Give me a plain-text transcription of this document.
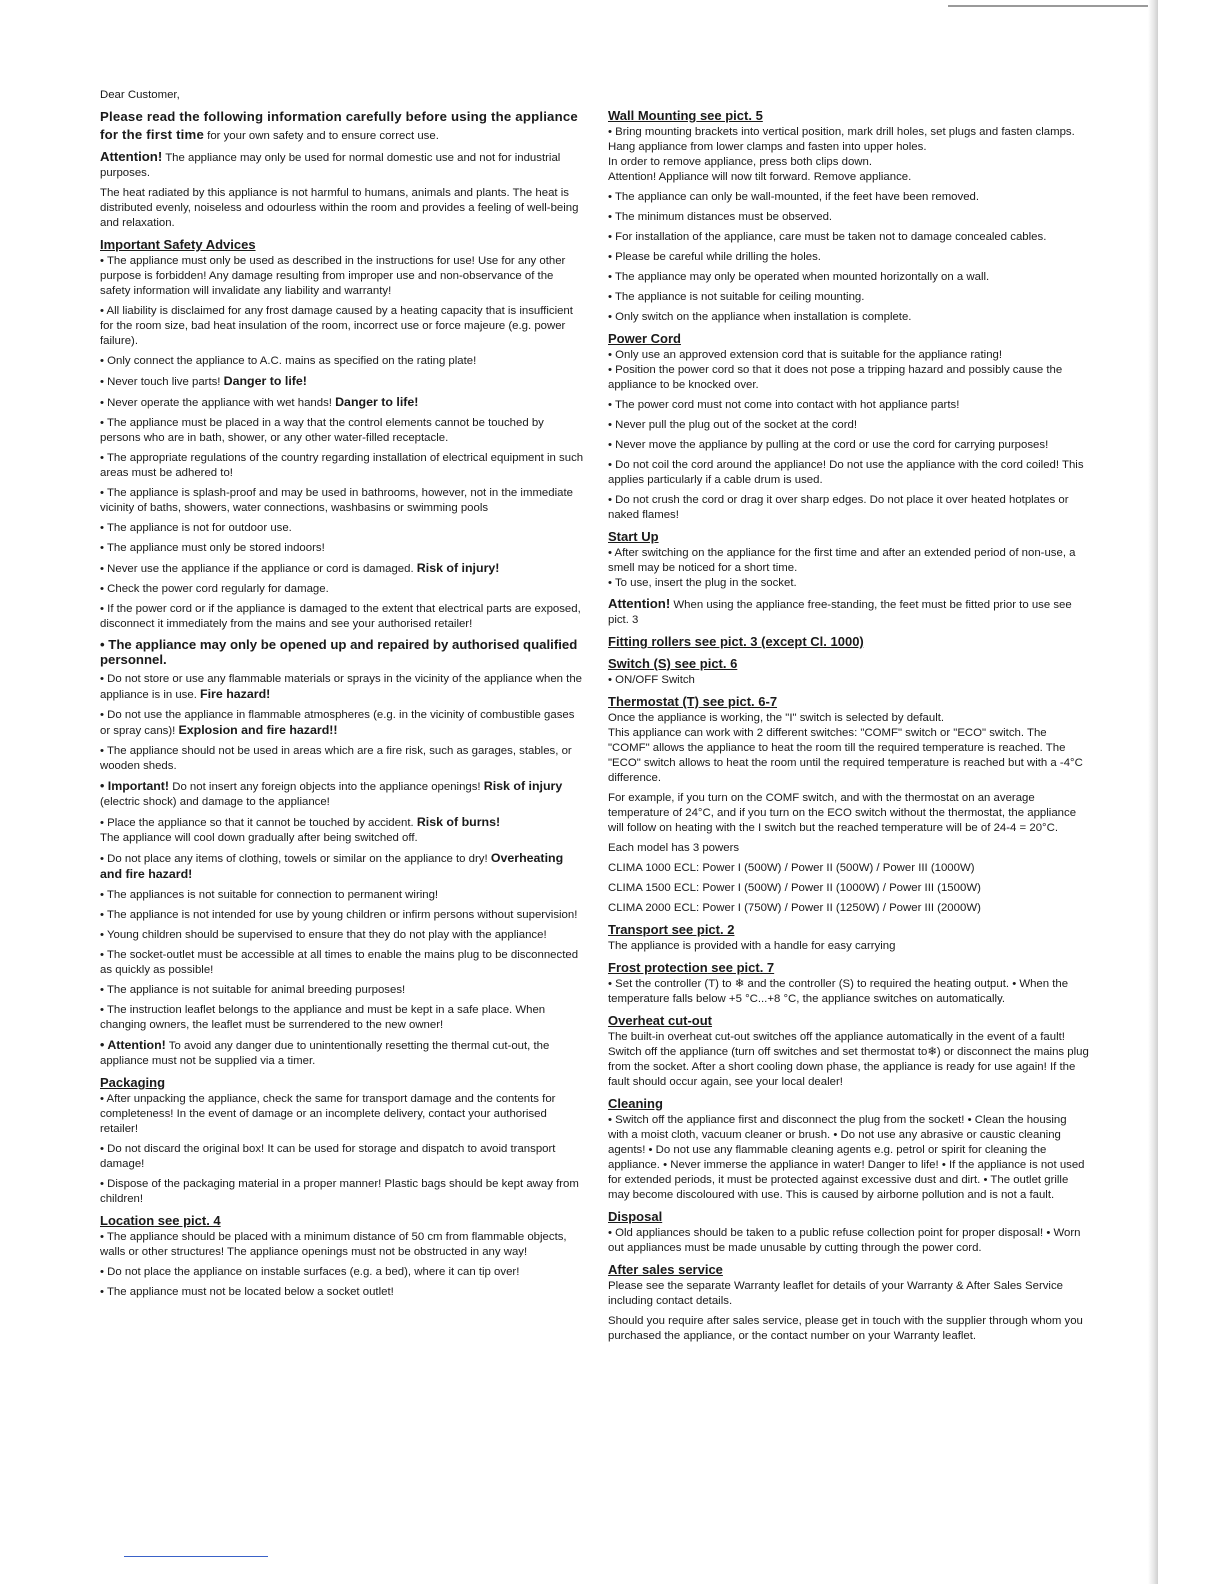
Dear Customer,

Please read the following information carefully before using the appliance for the first time for your own safety and to ensure correct use.

Attention! The appliance may only be used for normal domestic use and not for industrial purposes.

The heat radiated by this appliance is not harmful to humans, animals and plants. The heat is distributed evenly, noiseless and odourless within the room and provides a feeling of well-being and relaxation.

Important Safety Advices

• The appliance must only be used as described in the instructions for use! Use for any other purpose is forbidden! Any damage resulting from improper use and non-observance of the safety information will invalidate any liability and warranty!

• All liability is disclaimed for any frost damage caused by a heating capacity that is insufficient for the room size, bad heat insulation of the room, incorrect use or force majeure (e.g. power failure).

• Only connect the appliance to A.C. mains as specified on the rating plate!

• Never touch live parts! Danger to life!

• Never operate the appliance with wet hands! Danger to life!

• The appliance must be placed in a way that the control elements cannot be touched by persons who are in bath, shower, or any other water-filled receptacle.

• The appropriate regulations of the country regarding installation of electrical equipment in such areas must be adhered to!

• The appliance is splash-proof and may be used in bathrooms, however, not in the immediate vicinity of baths, showers, water connections, washbasins or swimming pools

• The appliance is not for outdoor use.

• The appliance must only be stored indoors!

• Never use the appliance if the appliance or cord is damaged. Risk of injury!

• Check the power cord regularly for damage.

• If the power cord or if the appliance is damaged to the extent that electrical parts are exposed, disconnect it immediately from the mains and see your authorised retailer!

• The appliance may only be opened up and repaired by authorised qualified personnel.

• Do not store or use any flammable materials or sprays in the vicinity of the appliance when the appliance is in use. Fire hazard!

• Do not use the appliance in flammable atmospheres (e.g. in the vicinity of combustible gases or spray cans)! Explosion and fire hazard!!

• The appliance should not be used in areas which are a fire risk, such as garages, stables, or wooden sheds.

• Important! Do not insert any foreign objects into the appliance openings! Risk of injury (electric shock) and damage to the appliance!

• Place the appliance so that it cannot be touched by accident. Risk of burns!

The appliance will cool down gradually after being switched off.

• Do not place any items of clothing, towels or similar on the appliance to dry! Overheating and fire hazard!

• The appliances is not suitable for connection to permanent wiring!

• The appliance is not intended for use by young children or infirm persons without supervision!

• Young children should be supervised to ensure that they do not play with the appliance!

• The socket-outlet must be accessible at all times to enable the mains plug to be disconnected as quickly as possible!

• The appliance is not suitable for animal breeding purposes!

• The instruction leaflet belongs to the appliance and must be kept in a safe place. When changing owners, the leaflet must be surrendered to the new owner!

• Attention! To avoid any danger due to unintentionally resetting the thermal cut-out, the appliance must not be supplied via a timer.

Packaging

• After unpacking the appliance, check the same for transport damage and the contents for completeness! In the event of damage or an incomplete delivery, contact your authorised retailer!

• Do not discard the original box! It can be used for storage and dispatch to avoid transport damage!

• Dispose of the packaging material in a proper manner! Plastic bags should be kept away from children!

Location see pict. 4

• The appliance should be placed with a minimum distance of 50 cm from flammable objects, walls or other structures! The appliance openings must not be obstructed in any way!

• Do not place the appliance on instable surfaces (e.g. a bed), where it can tip over!

• The appliance must not be located below a socket outlet!

Wall Mounting see pict. 5

• Bring mounting brackets into vertical position, mark drill holes, set plugs and fasten clamps. Hang appliance from lower clamps and fasten into upper holes.

In order to remove appliance, press both clips down.

Attention! Appliance will now tilt forward. Remove appliance.

• The appliance can only be wall-mounted, if the feet have been removed.

• The minimum distances must be observed.

• For installation of the appliance, care must be taken not to damage concealed cables.

• Please be careful while drilling the holes.

• The appliance may only be operated when mounted horizontally on a wall.

• The appliance is not suitable for ceiling mounting.

• Only switch on the appliance when installation is complete.

Power Cord

• Only use an approved extension cord that is suitable for the appliance rating!

• Position the power cord so that it does not pose a tripping hazard and possibly cause the appliance to be knocked over.

• The power cord must not come into contact with hot appliance parts!

• Never pull the plug out of the socket at the cord!

• Never move the appliance by pulling at the cord or use the cord for carrying purposes!

• Do not coil the cord around the appliance! Do not use the appliance with the cord coiled! This applies particularly if a cable drum is used.

• Do not crush the cord or drag it over sharp edges. Do not place it over heated hotplates or naked flames!

Start Up

• After switching on the appliance for the first time and after an extended period of non-use, a smell may be noticed for a short time.

• To use, insert the plug in the socket.

Attention! When using the appliance free-standing, the feet must be fitted prior to use see pict. 3

Fitting rollers see pict. 3 (except Cl. 1000)
Switch (S) see pict. 6

• ON/OFF Switch

Thermostat (T) see pict. 6-7

Once the appliance is working, the "I" switch is selected by default.

This appliance can work with 2 different switches: "COMF" switch or "ECO" switch. The "COMF" allows the appliance to heat the room till the required temperature is reached. The "ECO" switch allows to heat the room until the required temperature is reached but with a -4°C difference.

For example, if you turn on the COMF switch, and with the thermostat on an average temperature of 24°C, and if you turn on the ECO switch without the thermostat, the appliance will follow on heating with the I switch but the reached temperature will be of 24-4 = 20°C.

Each model has 3 powers

CLIMA 1000 ECL: Power I (500W) / Power II (500W) / Power III (1000W)

CLIMA 1500 ECL: Power I (500W) / Power II (1000W) / Power III (1500W)

CLIMA 2000 ECL: Power I (750W) / Power II (1250W) / Power III (2000W)

Transport see pict. 2

The appliance is provided with a handle for easy carrying

Frost protection see pict. 7

• Set the controller (T) to ❄ and the controller (S) to required the heating output. • When the temperature falls below +5 °C...+8 °C, the appliance switches on automatically.

Overheat cut-out

The built-in overheat cut-out switches off the appliance automatically in the event of a fault! Switch off the appliance (turn off switches and set thermostat to❄) or disconnect the mains plug from the socket. After a short cooling down phase, the appliance is ready for use again! If the fault should occur again, see your local dealer!

Cleaning

• Switch off the appliance first and disconnect the plug from the socket! • Clean the housing with a moist cloth, vacuum cleaner or brush. • Do not use any abrasive or caustic cleaning agents! • Do not use any flammable cleaning agents e.g. petrol or spirit for cleaning the appliance. • Never immerse the appliance in water! Danger to life! • If the appliance is not used for extended periods, it must be protected against excessive dust and dirt. • The outlet grille may become discoloured with use. This is caused by airborne pollution and is not a fault.

Disposal

• Old appliances should be taken to a public refuse collection point for proper disposal! • Worn out appliances must be made unusable by cutting through the power cord.

After sales service

Please see the separate Warranty leaflet for details of your Warranty & After Sales Service including contact details.

Should you require after sales service, please get in touch with the supplier through whom you purchased the appliance, or the contact number on your Warranty leaflet.
